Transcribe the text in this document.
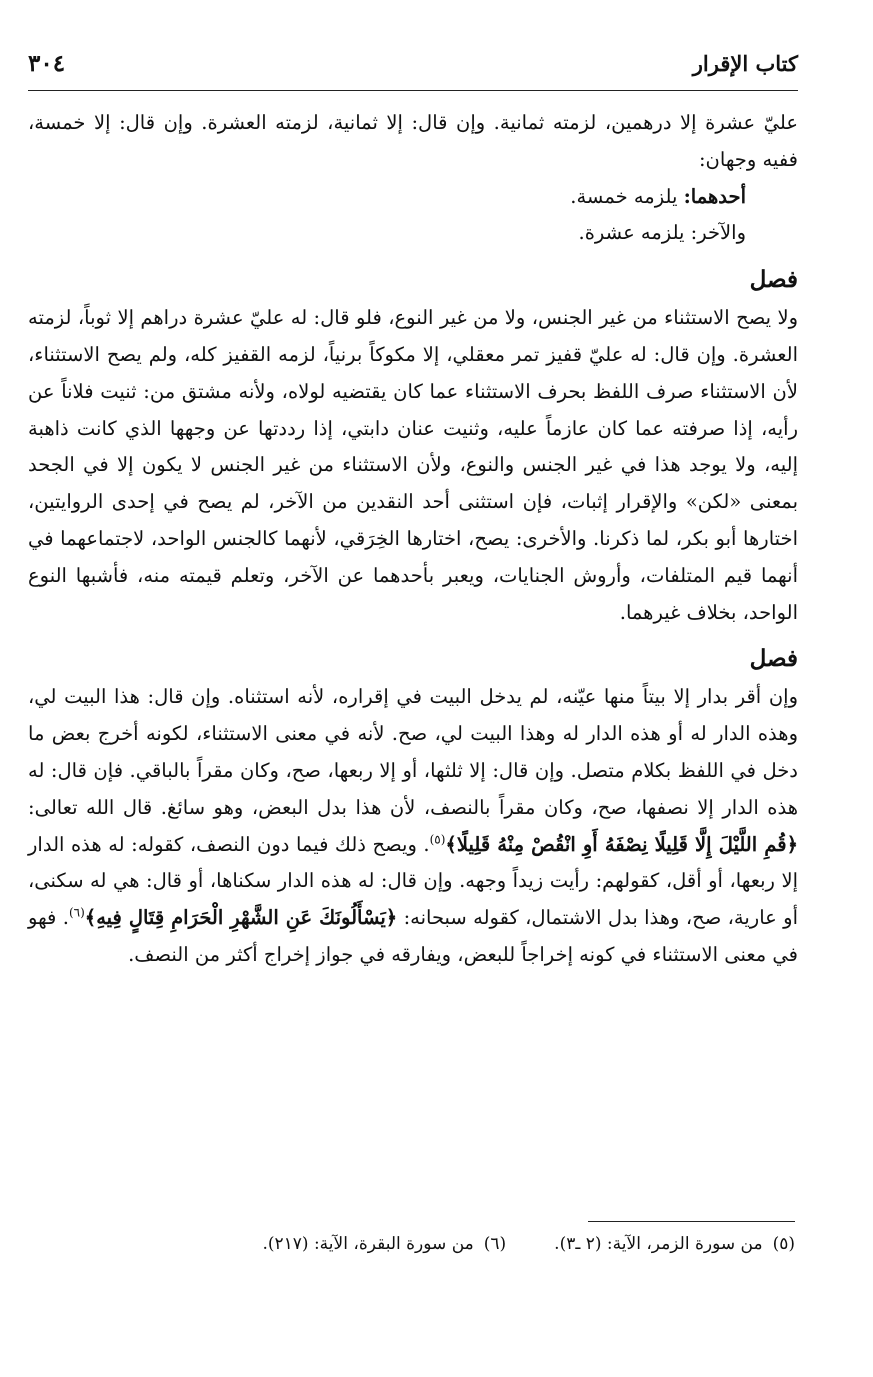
كتاب الإقرار
٣٠٤

عليّ عشرة إلا درهمين، لزمته ثمانية. وإن قال: إلا ثمانية، لزمته العشرة. وإن قال: إلا خمسة، ففيه وجهان:

أحدهما: يلزمه خمسة.

والآخر: يلزمه عشرة.

فصل

ولا يصح الاستثناء من غير الجنس، ولا من غير النوع، فلو قال: له عليّ عشرة دراهم إلا ثوباً، لزمته العشرة. وإن قال: له عليّ قفيز تمر معقلي، إلا مكوكاً برنياً، لزمه القفيز كله، ولم يصح الاستثناء، لأن الاستثناء صرف اللفظ بحرف الاستثناء عما كان يقتضيه لولاه، ولأنه مشتق من: ثنيت فلاناً عن رأيه، إذا صرفته عما كان عازماً عليه، وثنيت عنان دابتي، إذا رددتها عن وجهها الذي كانت ذاهبة إليه، ولا يوجد هذا في غير الجنس والنوع، ولأن الاستثناء من غير الجنس لا يكون إلا في الجحد بمعنى «لكن» والإقرار إثبات، فإن استثنى أحد النقدين من الآخر، لم يصح في إحدى الروايتين، اختارها أبو بكر، لما ذكرنا. والأخرى: يصح، اختارها الخِرَقي، لأنهما كالجنس الواحد، لاجتماعهما في أنهما قيم المتلفات، وأروش الجنايات، ويعبر بأحدهما عن الآخر، وتعلم قيمته منه، فأشبها النوع الواحد، بخلاف غيرهما.

فصل

وإن أقر بدار إلا بيتاً منها عيّنه، لم يدخل البيت في إقراره، لأنه استثناه. وإن قال: هذا البيت لي، وهذه الدار له أو هذه الدار له وهذا البيت لي، صح. لأنه في معنى الاستثناء، لكونه أخرج بعض ما دخل في اللفظ بكلام متصل. وإن قال: إلا ثلثها، أو إلا ربعها، صح، وكان مقراً بالباقي. فإن قال: له هذه الدار إلا نصفها، صح، وكان مقراً بالنصف، لأن هذا بدل البعض، وهو سائغ. قال الله تعالى: ﴿قُمِ اللَّيْلَ إِلَّا قَلِيلًا نِصْفَهُ أَوِ انْقُصْ مِنْهُ قَلِيلًا﴾$^{(٥)}$. ويصح ذلك فيما دون النصف، كقوله: له هذه الدار إلا ربعها، أو أقل، كقولهم: رأيت زيداً وجهه. وإن قال: له هذه الدار سكناها، أو قال: هي له سكنى، أو عارية، صح، وهذا بدل الاشتمال، كقوله سبحانه: ﴿يَسْأَلُونَكَ عَنِ الشَّهْرِ الْحَرَامِ قِتَالٍ فِيهِ﴾$^{(٦)}$. فهو في معنى الاستثناء في كونه إخراجاً للبعض، ويفارقه في جواز إخراج أكثر من النصف.

(٥)من سورة الزمر، الآية: (٢ ـ٣).
(٦)من سورة البقرة، الآية: (٢١٧).
